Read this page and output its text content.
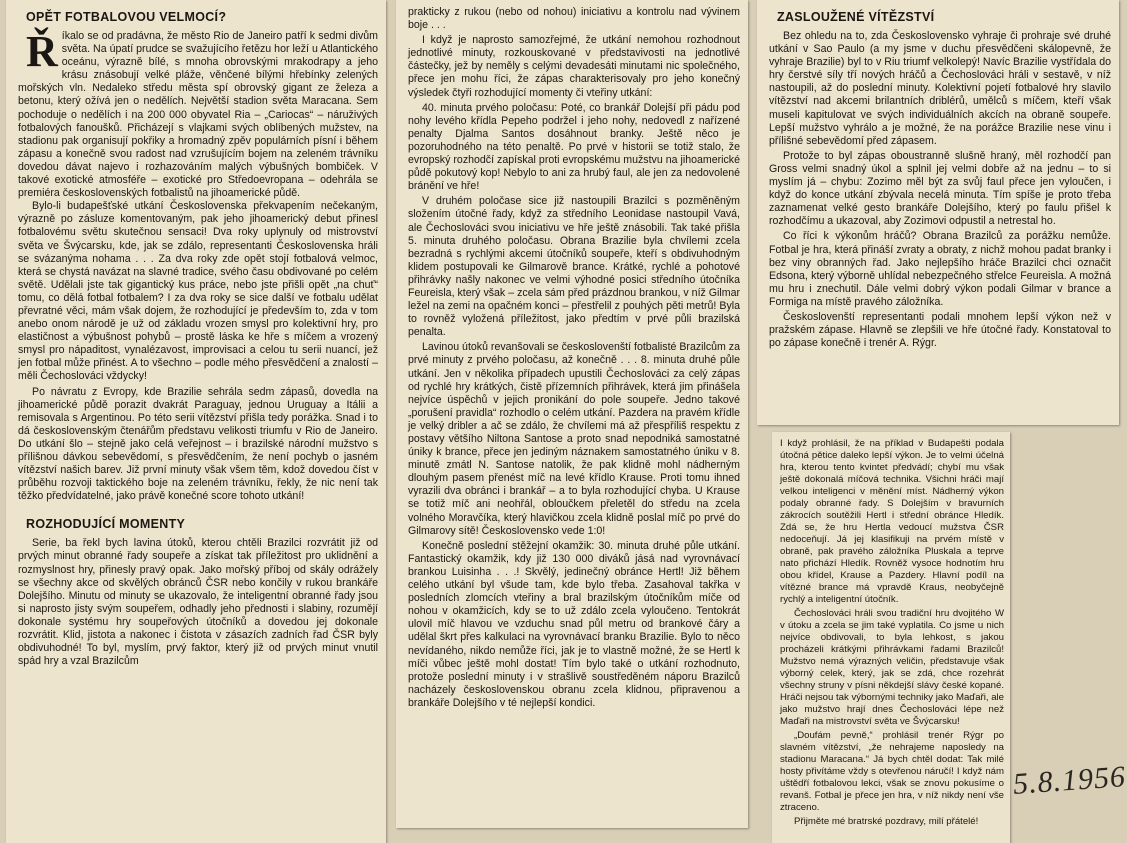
OPĚT FOTBALOVOU VELMOCÍ?
Ř íkalo se od pradávna, že město Rio de Janeiro patří k sedmi divům světa. Na úpatí prudce se svažujícího řetězu hor leží u Atlantického oceánu, výrazně bílé, s mnoha obrovskými mrakodrapy a jeho krásu znásobují velké pláže, věnčené bílými hřebínky zelených mořských vln. Nedaleko středu města spí obrovský gigant ze železa a betonu, který ožívá jen o nedělích. Největší stadion světa Maracana. Sem pochoduje o nedělích i na 200 000 obyvatel Ria – „Cariocas“ – náruživých fotbalových fanoušků. Přicházejí s vlajkami svých oblíbených mužstev, na stadionu pak organisují pokřiky a hromadný zpěv populárních písní i během zápasu a konečně svou radost nad vzrušujícím bojem na zeleném trávníku dovedou dávat najevo i rozhazováním malých výbušných bombiček. V takové exotické atmosféře – exotické pro Středoevropana – odehrála se premiéra československých fotbalistů na jihoamerické půdě.

Bylo-li budapešťské utkání Československa překvapením nečekaným, výrazně po zásluze komentovaným, pak jeho jihoamerický debut přinesl fotbalovému světu skutečnou sensaci! Dva roky uplynuly od mistrovství světa ve Švýcarsku, kde, jak se zdálo, representanti Československa hráli se svázanýma nohama . . . Za dva roky zde opět stojí fotbalová velmoc, která se chystá navázat na slavné tradice, svého času obdivované po celém světě. Udělali jste tak gigantický kus práce, nebo jste přišli opět „na chuť“ tomu, co dělá fotbal fotbalem? I za dva roky se sice další ve fotbalu udělat převratné věci, mám však dojem, že rozhodující je především to, zda v tom anebo onom národě je už od základu vrozen smysl pro kolektivní hry, pro elastičnost a výbušnost pohybů – prostě láska ke hře s míčem a vrozený smysl pro nápaditost, vynalézavost, improvisaci a celou tu serii nuancí, jež jen fotbal může přinést. A to všechno – podle mého přesvědčení a znalostí – měli Čechoslováci vždycky!

Po návratu z Evropy, kde Brazilie sehrála sedm zápasů, dovedla na jihoamerické půdě porazit dvakrát Paraguay, jednou Uruguay a Itálii a remisovala s Argentinou. Po této serii vítězství přišla tedy porážka. Snad i to dá československým čtenářům představu velikosti triumfu v Rio de Janeiro. Do utkání šlo – stejně jako celá veřejnost – i brazilské národní mužstvo s přílišnou dávkou sebevědomí, s přesvědčením, že není pochyb o jasném vítězství našich barev. Již první minuty však všem těm, kdož dovedou číst v průběhu rozvoji taktického boje na zeleném trávníku, řekly, že nic není tak těžko předvídatelné, jako právě konečné score tohoto utkání!

ROZHODUJÍCÍ MOMENTY

Serie, ba řekl bych lavina útoků, kterou chtěli Brazilci rozvrátit již od prvých minut obranné řady soupeře a získat tak příležitost pro uklidnění a rozmyslnost hry, přinesly pravý opak. Jako mořský příboj od skály odrážely se všechny akce od skvělých obránců ČSR nebo končily v rukou brankáře Dolejšího. Minutu od minuty se ukazovalo, že inteligentní obranné řady jsou si naprosto jisty svým soupeřem, odhadly jeho přednosti i slabiny, rozumějí dokonale systému hry soupeřových útočníků a dovedou jej dokonale rozvrátit. Klid, jistota a nakonec i čistota v zásazích zadních řad ČSR byly obdivuhodné! To byl, myslím, prvý faktor, který již od prvých minut vnutil spád hry a vzal Brazilcům

prakticky z rukou (nebo od nohou) iniciativu a kontrolu nad vývinem boje . . .

I když je naprosto samozřejmé, že utkání nemohou rozhodnout jednotlivé minuty, rozkouskované v představivosti na jednotlivé částečky, jež by neměly s celými devadesáti minutami nic společného, přece jen mohu říci, že zápas charakterisovaly pro jeho konečný výsledek čtyři rozhodující momenty či vteřiny utkání:

40. minuta prvého poločasu: Poté, co brankář Dolejší při pádu pod nohy levého křídla Pepeho podržel i jeho nohy, nedovedl z nařízené penalty Djalma Santos dosáhnout branky. Ještě něco je pozoruhodného na této penaltě. Po prvé v historii se totiž stalo, že evropský rozhodčí zapískal proti evropskému mužstvu na jihoamerické půdě pokutový kop! Nebylo to ani za hrubý faul, ale jen za nedovolené bránění ve hře!

V druhém poločase sice již nastoupili Brazilci s pozměněným složením útočné řady, když za středního Leonidase nastoupil Vavá, ale Čechoslováci svou iniciativu ve hře ještě znásobili. Tak také přišla 5. minuta druhého poločasu. Obrana Brazilie byla chvílemi zcela bezradná s rychlými akcemi útočníků soupeře, kteří s obdivuhodným klidem postupovali ke Gilmarově brance. Krátké, rychlé a pohotové přihrávky našly nakonec ve velmi výhodné posici středního útočníka Feureisla, který však – zcela sám před prázdnou brankou, v níž Gilmar ležel na zemi na opačném konci – přestřelil z pouhých pěti metrů! Byla to rovněž vyložená příležitost, jako předtím v prvé půli brazilská penalta.

Lavinou útoků revanšovali se českoslovenští fotbalisté Brazilcům za prvé minuty z prvého poločasu, až konečně . . . 8. minuta druhé půle utkání. Jen v několika případech upustili Čechoslováci za celý zápas od rychlé hry krátkých, čistě přízemních přihrávek, která jim přinášela nejvíce úspěchů v jejich pronikání do pole soupeře. Jedno takové „porušení pravidla“ rozhodlo o celém utkání. Pazdera na pravém křídle je velký dribler a ač se zdálo, že chvílemi má až přespříliš respektu z postavy většího Niltona Santose a proto snad nepodniká samostatné úniky k brance, přece jen jediným náznakem samostatného úniku v 8. minutě zmátl N. Santose natolik, že pak klidně mohl nádherným dlouhým pasem přenést míč na levé křídlo Krause. Proti tomu ihned vyrazili dva obránci i brankář – a to byla rozhodující chyba. U Krause se totiž míč ani neohřál, obloučkem přeletěl do středu na zcela volného Moravčíka, který hlavičkou zcela klidně poslal míč po prvé do Gilmarovy sítě! Československo vede 1:0!

Konečně poslední stěžejní okamžik: 30. minuta druhé půle utkání. Fantastický okamžik, kdy již 130 000 diváků jásá nad vyrovnávací brankou Luisinha . . .! Skvělý, jedinečný obránce Hertl! Již během celého utkání byl všude tam, kde bylo třeba. Zasahoval takřka v posledních zlomcích vteřiny a bral brazilským útočníkům míče od nohou v okamžicích, kdy se to už zdálo zcela vyloučeno. Tentokrát ulovil míč hlavou ve vzduchu snad půl metru od brankové čáry a udělal škrt přes kalkulaci na vyrovnávací branku Brazilie. Bylo to něco nevídaného, nikdo nemůže říci, jak je to vlastně možné, že se Hertl k míči vůbec ještě mohl dostat! Tím bylo také o utkání rozhodnuto, protože poslední minuty i v strašlivě soustředěném náporu Brazilců nacházely československou obranu zcela klidnou, připravenou a brankáře Dolejšího v té nejlepší kondici.

ZASLOUŽENÉ VÍTĚZSTVÍ

Bez ohledu na to, zda Československo vyhraje či prohraje své druhé utkání v Sao Paulo (a my jsme v duchu přesvědčeni skálopevně, že vyhraje Brazilie) byl to v Riu triumf velkolepý! Navíc Brazilie vystřídala do hry čerstvé síly tří nových hráčů a Čechoslováci hráli v sestavě, v níž nastoupili, až do poslední minuty. Kolektivní pojetí fotbalové hry slavilo vítězství nad akcemi brilantních driblérů, umělců s míčem, kteří však museli kapitulovat ve svých individuálních akcích na obraně soupeře. Lepší mužstvo vyhrálo a je možné, že na porážce Brazilie nese vinu i přílišné sebevědomí před zápasem.

Protože to byl zápas oboustranně slušně hraný, měl rozhodčí pan Gross velmi snadný úkol a splnil jej velmi dobře až na jednu – to si myslím já – chybu: Zozimo měl být za svůj faul přece jen vyloučen, i když do konce utkání zbývala necelá minuta. Tím spíše je proto třeba zaznamenat velké gesto brankáře Dolejšího, který po faulu přišel k rozhodčímu a ukazoval, aby Zozimovi odpustil a netrestal ho.

Co říci k výkonům hráčů? Obrana Brazilců za porážku nemůže. Fotbal je hra, která přináší zvraty a obraty, z nichž mohou padat branky i bez viny obranných řad. Jako nejlepšího hráče Brazilci chci označit Edsona, který výborně uhlídal nebezpečného střelce Feureisla. A možná mu hru i znechutil. Dále velmi dobrý výkon podali Gilmar v brance a Formiga na místě pravého záložníka.

Českoslovenští representanti podali mnohem lepší výkon než v pražském zápase. Hlavně se zlepšili ve hře útočné řady. Konstatoval to po zápase konečně i trenér A. Rýgr.

I když prohlásil, že na příklad v Budapešti podala útočná pětice daleko lepší výkon. Je to velmi účelná hra, kterou tento kvintet předvádí; chybí mu však ještě dokonalá míčová technika. Všichni hráči mají velkou inteligenci v měnění míst. Nádherný výkon podaly obranné řady. S Dolejším v bravurních zákrocích soutěžili Hertl i střední obránce Hledík. Zdá se, že hru Hertla vedoucí mužstva ČSR nedoceňují. Já jej klasifikuji na prvém místě v obraně, pak pravého záložníka Pluskala a teprve nato přichází Hledík. Rovněž vysoce hodnotím hru obou křídel, Krause a Pazdery. Hlavní podíl na vítězné brance má vpravdě Kraus, neobyčejně rychlý a inteligentní útočník.

Čechoslováci hráli svou tradiční hru dvojitého W v útoku a zcela se jim také vyplatila. Co jsme u nich nejvíce obdivovali, to byla lehkost, s jakou procházeli krátkými přihrávkami řadami Brazilců! Mužstvo nemá výrazných veličin, představuje však výborný celek, který, jak se zdá, chce rozehrát všechny struny v písni někdejší slávy české kopané. Hráči nejsou tak výbornými techniky jako Maďaři, ale jako mužstvo hrají dnes Čechoslováci lépe než Maďaři na mistrovství světa ve Švýcarsku!

„Doufám pevně,“ prohlásil trenér Rýgr po slavném vítězství, „že nehrajeme naposledy na stadionu Maracana.“ Já bych chtěl dodat: Tak milé hosty přivítáme vždy s otevřenou náručí! I když nám uštědří fotbalovou lekci, však se znovu pokusíme o revanš. Fotbal je přece jen hra, v níž nikdy není vše ztraceno.

Přijměte mé bratrské pozdravy, milí přátelé!

5.8.1956
